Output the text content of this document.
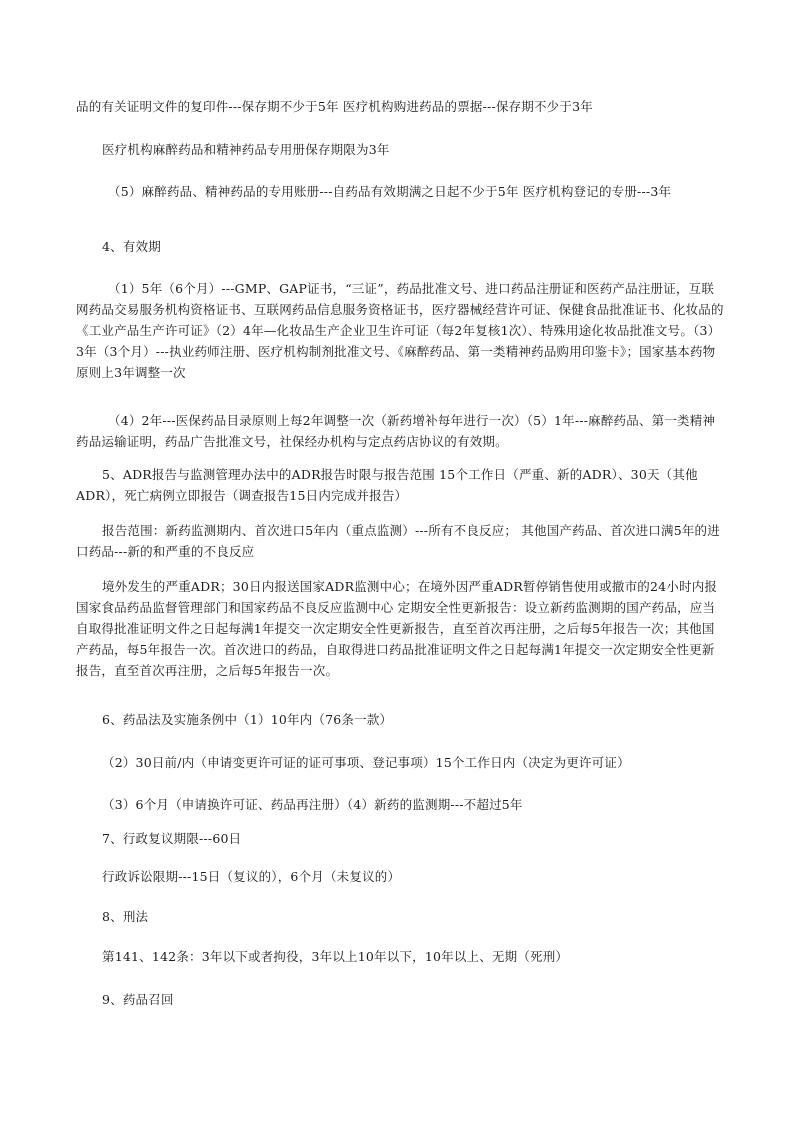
品的有关证明文件的复印件---保存期不少于5年 医疗机构购进药品的票据---保存期不少于3年

医疗机构麻醉药品和精神药品专用册保存期限为3年

（5）麻醉药品、精神药品的专用账册---自药品有效期满之日起不少于5年 医疗机构登记的专册---3年

4、有效期

（1）5年（6个月）---GMP、GAP证书，“三证”，药品批准文号、进口药品注册证和医药产品注册证，互联网药品交易服务机构资格证书、互联网药品信息服务资格证书，医疗器械经营许可证、保健食品批准证书、化妆品的《工业产品生产许可证》（2）4年—化妆品生产企业卫生许可证（每2年复核1次）、特殊用途化妆品批准文号。（3）3年（3个月）---执业药师注册、医疗机构制剂批准文号、《麻醉药品、第一类精神药品购用印鉴卡》；国家基本药物原则上3年调整一次

（4）2年---医保药品目录原则上每2年调整一次（新药增补每年进行一次）（5）1年---麻醉药品、第一类精神药品运输证明，药品广告批准文号，社保经办机构与定点药店协议的有效期。

5、ADR报告与监测管理办法中的ADR报告时限与报告范围 15个工作日（严重、新的ADR）、30天（其他ADR），死亡病例立即报告（调查报告15日内完成并报告）

报告范围：新药监测期内、首次进口5年内（重点监测）---所有不良反应； 其他国产药品、首次进口满5年的进口药品---新的和严重的不良反应

境外发生的严重ADR；30日内报送国家ADR监测中心；在境外因严重ADR暂停销售使用或撤市的24小时内报国家食品药品监督管理部门和国家药品不良反应监测中心 定期安全性更新报告：设立新药监测期的国产药品，应当自取得批准证明文件之日起每满1年提交一次定期安全性更新报告，直至首次再注册，之后每5年报告一次；其他国产药品，每5年报告一次。首次进口的药品，自取得进口药品批准证明文件之日起每满1年提交一次定期安全性更新报告，直至首次再注册，之后每5年报告一次。

6、药品法及实施条例中（1）10年内（76条一款）

（2）30日前/内（申请变更许可证的证可事项、登记事项）15个工作日内（决定为更许可证）

（3）6个月（申请换许可证、药品再注册）（4）新药的监测期---不超过5年

7、行政复议期限---60日

行政诉讼限期---15日（复议的），6个月（未复议的）

8、刑法

第141、142条：3年以下或者拘役，3年以上10年以下，10年以上、无期（死刑）

9、药品召回
